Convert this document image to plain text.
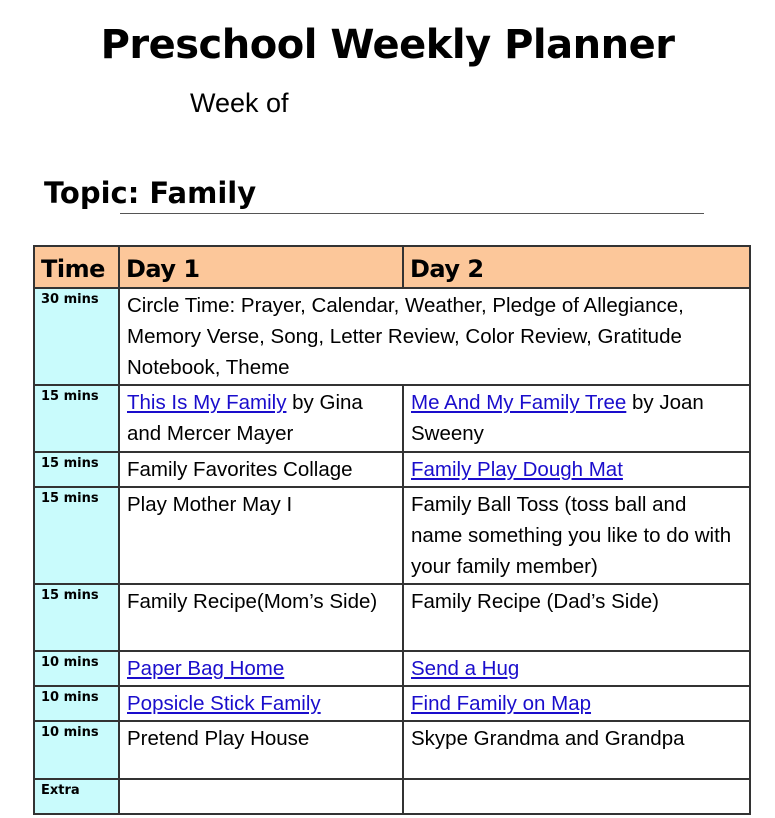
Preschool Weekly Planner
Week of
Topic: Family
Time	Day 1	Day 2
30 mins	Circle Time: Prayer, Calendar, Weather, Pledge of Allegiance, Memory Verse, Song, Letter Review, Color Review, Gratitude Notebook, Theme	
15 mins	This Is My Family by Gina and Mercer Mayer	Me And My Family Tree by Joan Sweeny
15 mins	Family Favorites Collage	Family Play Dough Mat
15 mins	Play Mother May I	Family Ball Toss (toss ball and name something you like to do with your family member)
15 mins	Family Recipe(Mom’s Side)	Family Recipe (Dad’s Side)
10 mins	Paper Bag Home	Send a Hug
10 mins	Popsicle Stick Family	Find Family on Map
10 mins	Pretend Play House	Skype Grandma and Grandpa
Extra		
